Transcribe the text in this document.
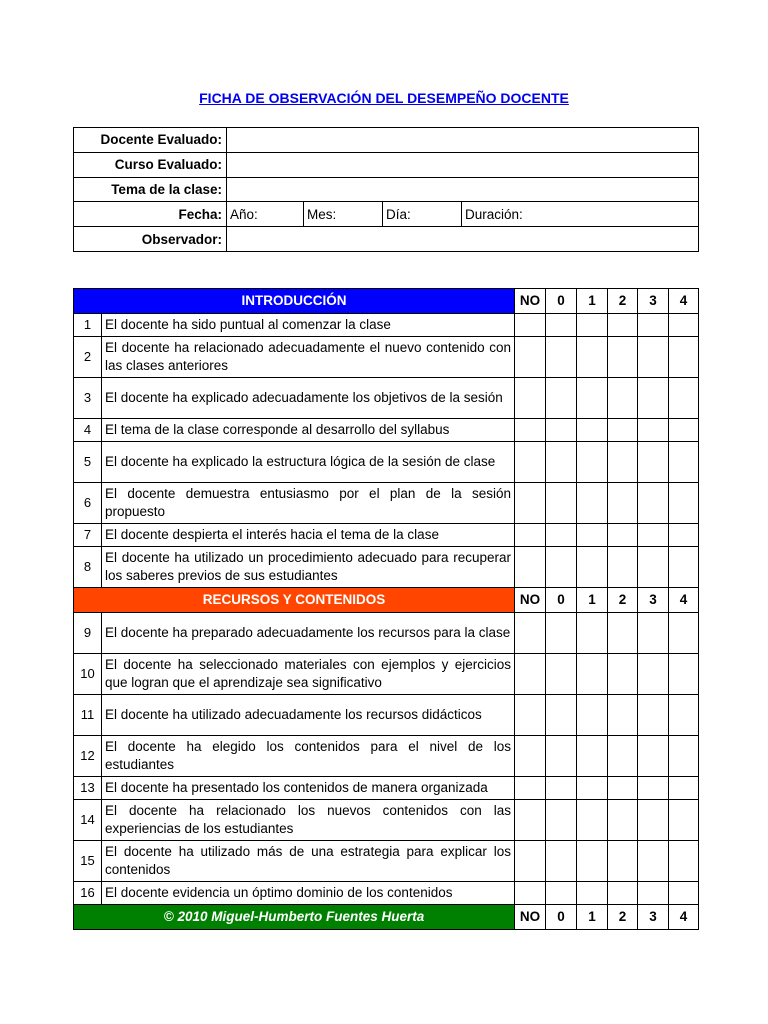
FICHA DE OBSERVACIÓN DEL DESEMPEÑO DOCENTE
Docente Evaluado:				
Curso Evaluado:				
Tema de la clase:				
Fecha:	Año:	Mes:	Día:	Duración:
Observador:				
INTRODUCCIÓN		NO	0	1	2	3	4
1	El docente ha sido puntual al comenzar la clase						
2	El docente ha relacionado adecuadamente el nuevo contenido con las clases anteriores						
3	El docente ha explicado adecuadamente los objetivos de la sesión						
4	El tema de la clase corresponde al desarrollo del syllabus						
5	El docente ha explicado la estructura lógica de la sesión de clase						
6	El docente demuestra entusiasmo por el plan de la sesión propuesto						
7	El docente despierta el interés hacia el tema de la clase						
8	El docente ha utilizado un procedimiento adecuado para recuperar los saberes previos de sus estudiantes						
RECURSOS Y CONTENIDOS		NO	0	1	2	3	4
9	El docente ha preparado adecuadamente los recursos para la clase						
10	El docente ha seleccionado materiales con ejemplos y ejercicios que logran que el aprendizaje sea significativo						
11	El docente ha utilizado adecuadamente los recursos didácticos						
12	El docente ha elegido los contenidos para el nivel de los estudiantes						
13	El docente ha presentado los contenidos de manera organizada						
14	El docente ha relacionado los nuevos contenidos con las experiencias de los estudiantes						
15	El docente ha utilizado más de una estrategia para explicar los contenidos						
16	El docente evidencia un óptimo dominio de los contenidos						
© 2010 Miguel-Humberto Fuentes Huerta		NO	0	1	2	3	4
